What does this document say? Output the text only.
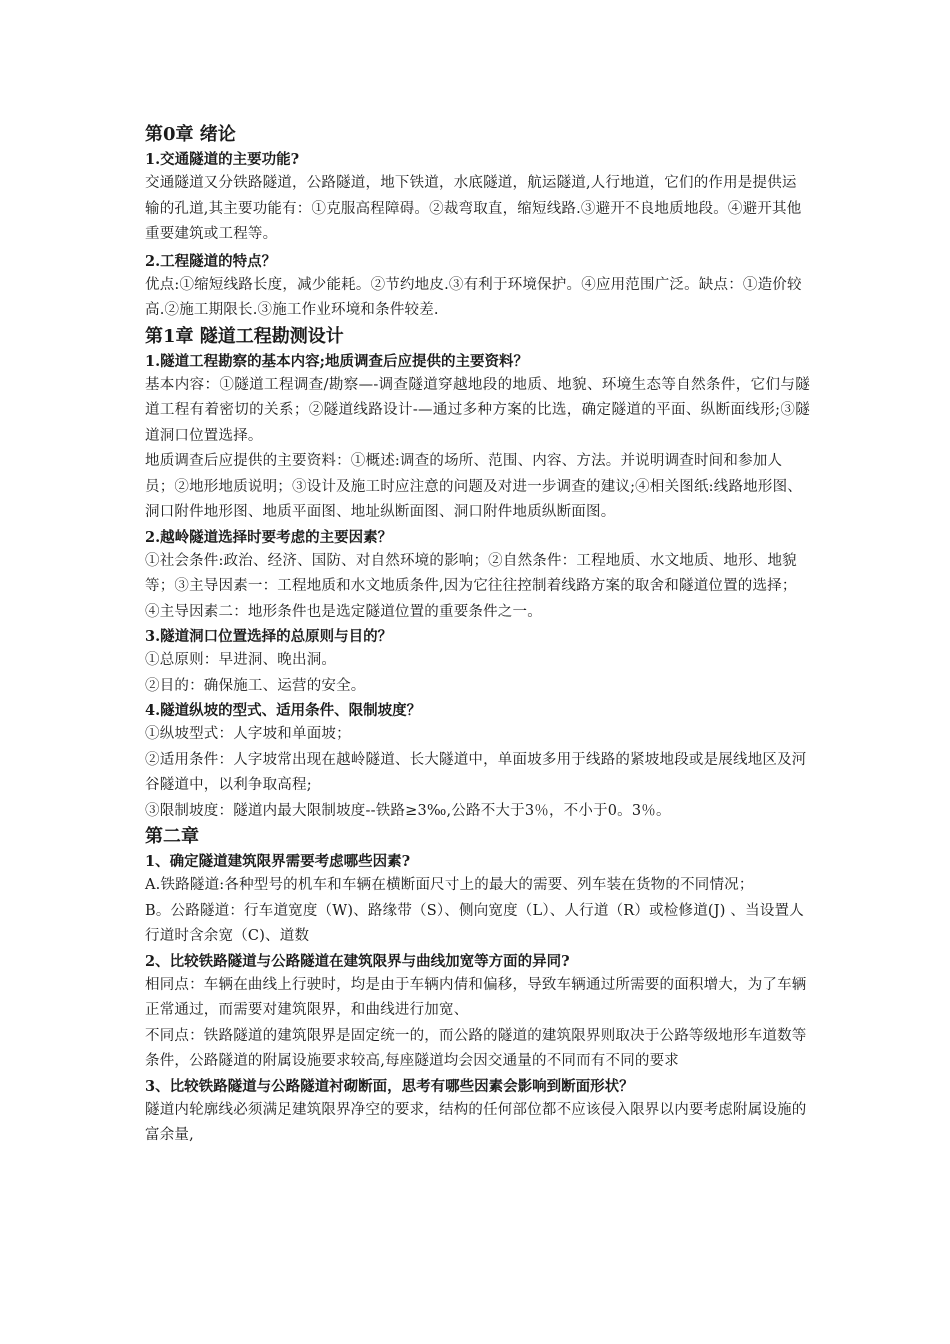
第0章 绪论
1.交通隧道的主要功能?

交通隧道又分铁路隧道，公路隧道，地下铁道，水底隧道，航运隧道,人行地道，它们的作用是提供运输的孔道,其主要功能有：①克服高程障碍。②裁弯取直，缩短线路.③避开不良地质地段。④避开其他重要建筑或工程等。

2.工程隧道的特点？

优点:①缩短线路长度，减少能耗。②节约地皮.③有利于环境保护。④应用范围广泛。缺点：①造价较高.②施工期限长.③施工作业环境和条件较差.

第1章 隧道工程勘测设计
1.隧道工程勘察的基本内容;地质调查后应提供的主要资料？

基本内容：①隧道工程调查/勘察—-调查隧道穿越地段的地质、地貌、环境生态等自然条件，它们与隧道工程有着密切的关系；②隧道线路设计-—通过多种方案的比选，确定隧道的平面、纵断面线形;③隧道洞口位置选择。

地质调查后应提供的主要资料：①概述:调查的场所、范围、内容、方法。并说明调查时间和参加人员；②地形地质说明；③设计及施工时应注意的问题及对进一步调查的建议;④相关图纸:线路地形图、洞口附件地形图、地质平面图、地址纵断面图、洞口附件地质纵断面图。

2.越岭隧道选择时要考虑的主要因素？

①社会条件:政治、经济、国防、对自然环境的影响；②自然条件：工程地质、水文地质、地形、地貌等；③主导因素一：工程地质和水文地质条件,因为它往往控制着线路方案的取舍和隧道位置的选择；④主导因素二：地形条件也是选定隧道位置的重要条件之一。

3.隧道洞口位置选择的总原则与目的？

①总原则：早进洞、晚出洞。

②目的：确保施工、运营的安全。

4.隧道纵坡的型式、适用条件、限制坡度？

①纵坡型式：人字坡和单面坡；

②适用条件：人字坡常出现在越岭隧道、长大隧道中，单面坡多用于线路的紧坡地段或是展线地区及河谷隧道中，以利争取高程;

③限制坡度：隧道内最大限制坡度--铁路≥3‰,公路不大于3％，不小于0。3％。

第二章
1、确定隧道建筑限界需要考虑哪些因素?

A.铁路隧道:各种型号的机车和车辆在横断面尺寸上的最大的需要、列车装在货物的不同情况；

B。公路隧道：行车道宽度（W)、路缘带（S）、侧向宽度（L）、人行道（R）或检修道(J) 、当设置人行道时含余宽（C)、道数

2、比较铁路隧道与公路隧道在建筑限界与曲线加宽等方面的异同?

相同点：车辆在曲线上行驶时，均是由于车辆内倩和偏移，导致车辆通过所需要的面积增大，为了车辆正常通过，而需要对建筑限界，和曲线进行加宽、

不同点：铁路隧道的建筑限界是固定统一的，而公路的隧道的建筑限界则取决于公路等级地形车道数等条件，公路隧道的附属设施要求较高,每座隧道均会因交通量的不同而有不同的要求

3、比较铁路隧道与公路隧道衬砌断面，思考有哪些因素会影响到断面形状？

隧道内轮廓线必须满足建筑限界净空的要求，结构的任何部位都不应该侵入限界以内要考虑附属设施的富余量,
